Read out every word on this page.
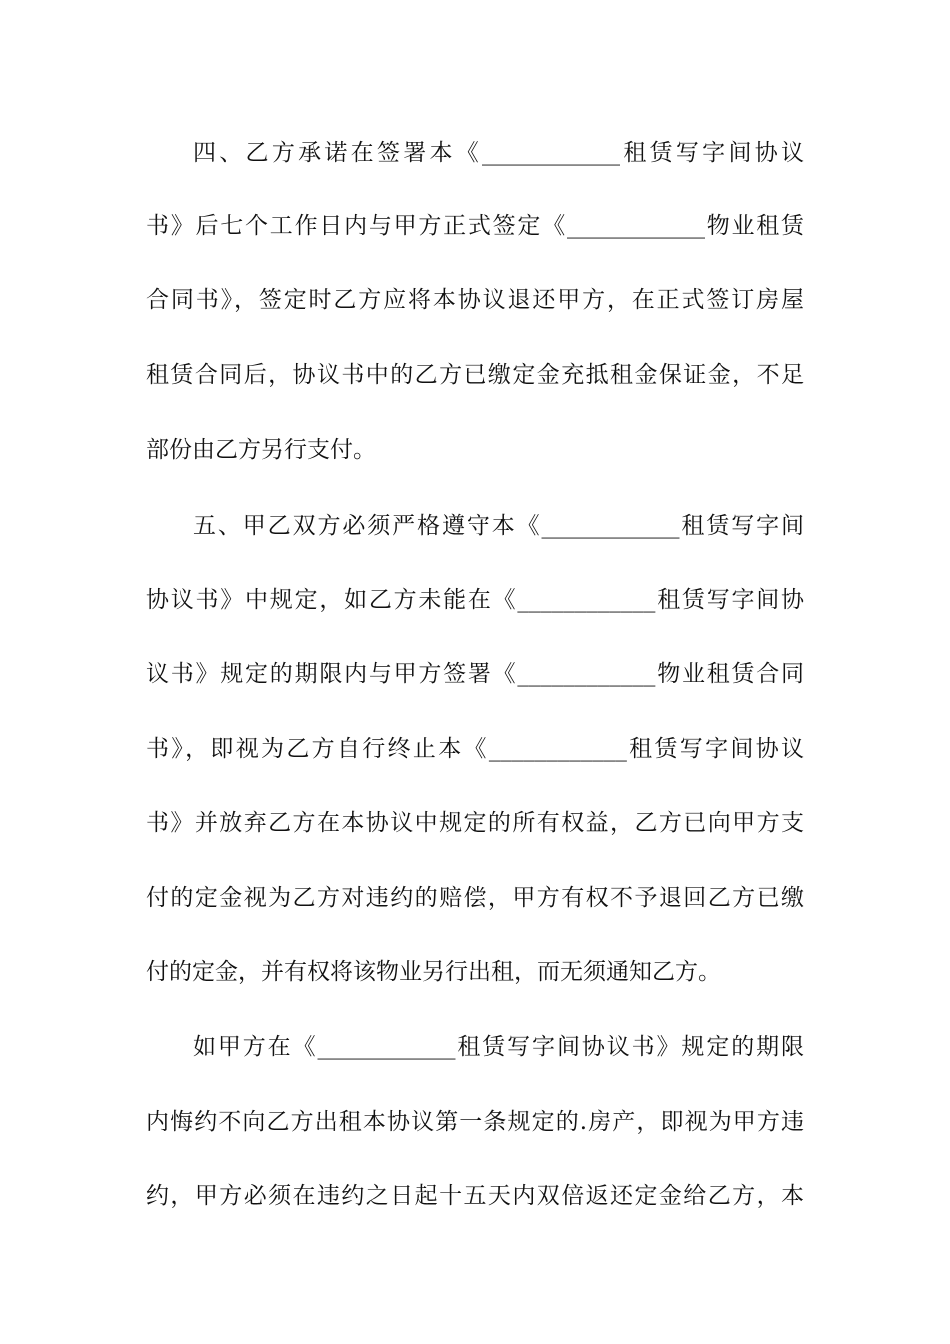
四、乙方承诺在签署本《____________租赁写字间协议
书》后七个工作日内与甲方正式签定《____________物业租赁
合同书》，签定时乙方应将本协议退还甲方，在正式签订房屋
租赁合同后，协议书中的乙方已缴定金充抵租金保证金，不足
部份由乙方另行支付。
五、甲乙双方必须严格遵守本《____________租赁写字间
协议书》中规定，如乙方未能在《____________租赁写字间协
议书》规定的期限内与甲方签署《____________物业租赁合同
书》，即视为乙方自行终止本《____________租赁写字间协议
书》并放弃乙方在本协议中规定的所有权益，乙方已向甲方支
付的定金视为乙方对违约的赔偿，甲方有权不予退回乙方已缴
付的定金，并有权将该物业另行出租，而无须通知乙方。
如甲方在《____________租赁写字间协议书》规定的期限
内悔约不向乙方出租本协议第一条规定的.房产，即视为甲方违
约，甲方必须在违约之日起十五天内双倍返还定金给乙方，本
